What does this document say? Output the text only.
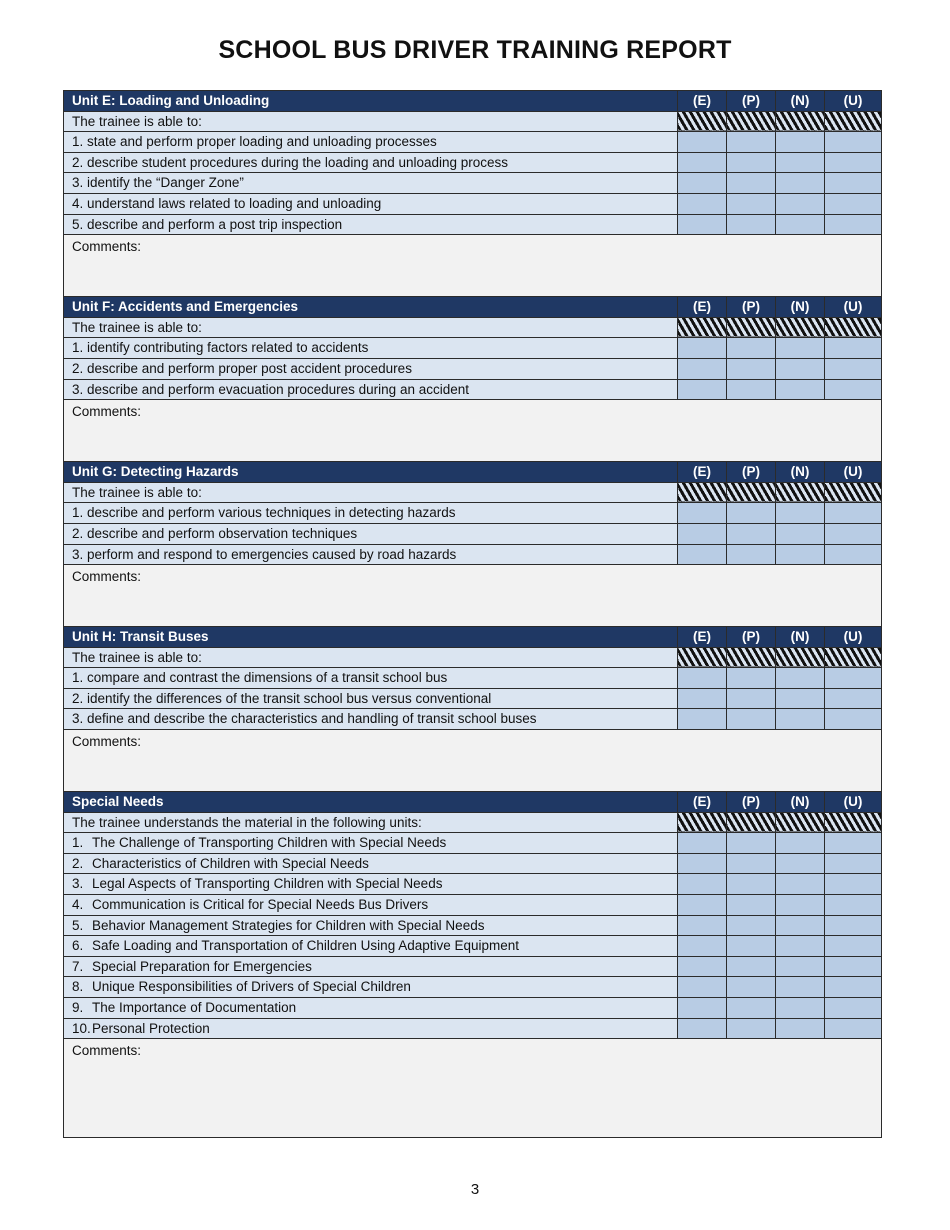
SCHOOL BUS DRIVER TRAINING REPORT
Unit E: Loading and Unloading	(E)	(P)	(N)	(U)
The trainee is able to:				
1. state and perform proper loading and unloading processes				
2. describe student procedures during the loading and unloading process				
3. identify the “Danger Zone”				
4. understand laws related to loading and unloading				
5. describe and perform a post trip inspection				
Comments:				
Unit F: Accidents and Emergencies	(E)	(P)	(N)	(U)
The trainee is able to:				
1. identify contributing factors related to accidents				
2. describe and perform proper post accident procedures				
3. describe and perform evacuation procedures during an accident				
Comments:				
Unit G: Detecting Hazards	(E)	(P)	(N)	(U)
The trainee is able to:				
1. describe and perform various techniques in detecting hazards				
2. describe and perform observation techniques				
3. perform and respond to emergencies caused by road hazards				
Comments:				
Unit H: Transit Buses	(E)	(P)	(N)	(U)
The trainee is able to:				
1. compare and contrast the dimensions of a transit school bus				
2. identify the differences of the transit school bus versus conventional				
3. define and describe the characteristics and handling of transit school buses				
Comments:				
Special Needs	(E)	(P)	(N)	(U)
The trainee understands the material in the following units:				
1. The Challenge of Transporting Children with Special Needs				
2. Characteristics of Children with Special Needs				
3. Legal Aspects of Transporting Children with Special Needs				
4. Communication is Critical for Special Needs Bus Drivers				
5. Behavior Management Strategies for Children with Special Needs				
6. Safe Loading and Transportation of Children Using Adaptive Equipment				
7. Special Preparation for Emergencies				
8. Unique Responsibilities of Drivers of Special Children				
9. The Importance of Documentation				
10.Personal Protection				
Comments:				
3
